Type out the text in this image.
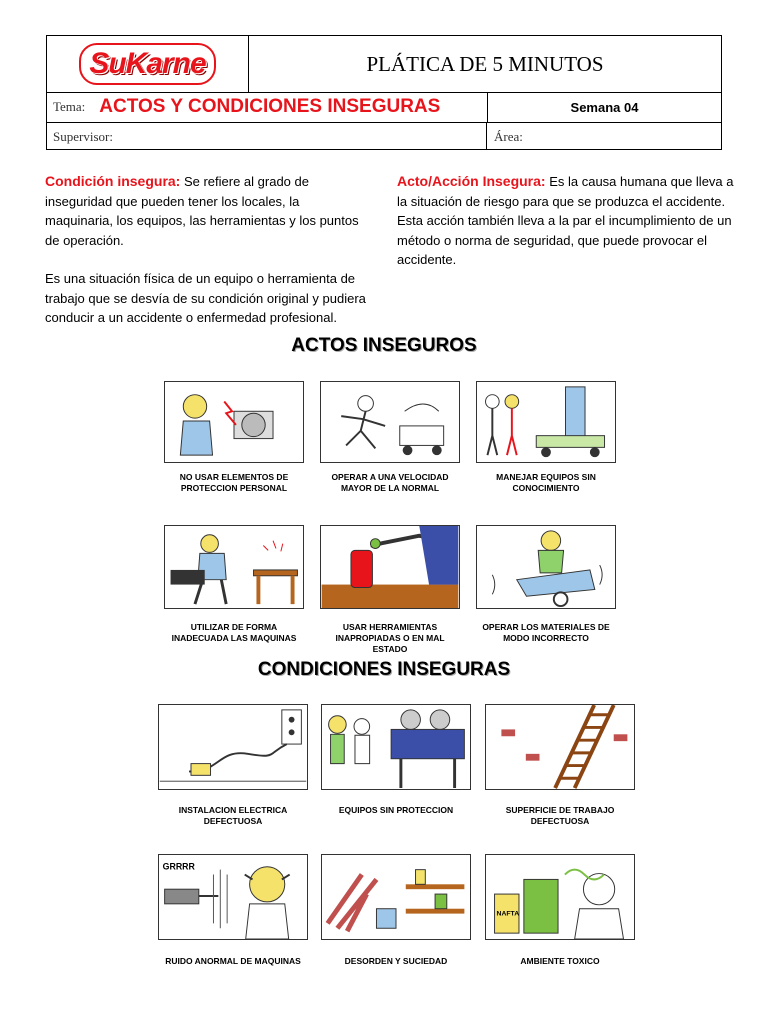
SuKarne	PLÁTICA DE 5 MINUTOS
Tema: ACTOS Y CONDICIONES INSEGURAS	Semana 04
Supervisor:	Área:

Condición insegura: Se refiere al grado de inseguridad que pueden tener los locales, la maquinaria, los equipos, las herramientas y los puntos de operación.

Es una situación física de un equipo o herramienta de trabajo que se desvía de su condición original y pudiera conducir a un accidente o enfermedad profesional.

Acto/Acción Insegura: Es la causa humana que lleva a la situación de riesgo para que se produzca el accidente. Esta acción también lleva a la par el incumplimiento de un método o norma de seguridad, que puede provocar el accidente.

ACTOS INSEGUROS
NO USAR ELEMENTOS DE PROTECCION PERSONAL
OPERAR A UNA VELOCIDAD MAYOR DE LA NORMAL
MANEJAR EQUIPOS SIN CONOCIMIENTO
UTILIZAR DE FORMA INADECUADA LAS MAQUINAS
USAR HERRAMIENTAS INAPROPIADAS O EN MAL ESTADO
OPERAR LOS MATERIALES DE MODO INCORRECTO
CONDICIONES INSEGURAS
INSTALACION ELECTRICA DEFECTUOSA
EQUIPOS SIN PROTECCION	SUPERFICIE DE TRABAJO DEFECTUOSA
GRRRR
RUIDO ANORMAL DE MAQUINAS	DESORDEN Y SUCIEDAD
NAFTA
AMBIENTE TOXICO
